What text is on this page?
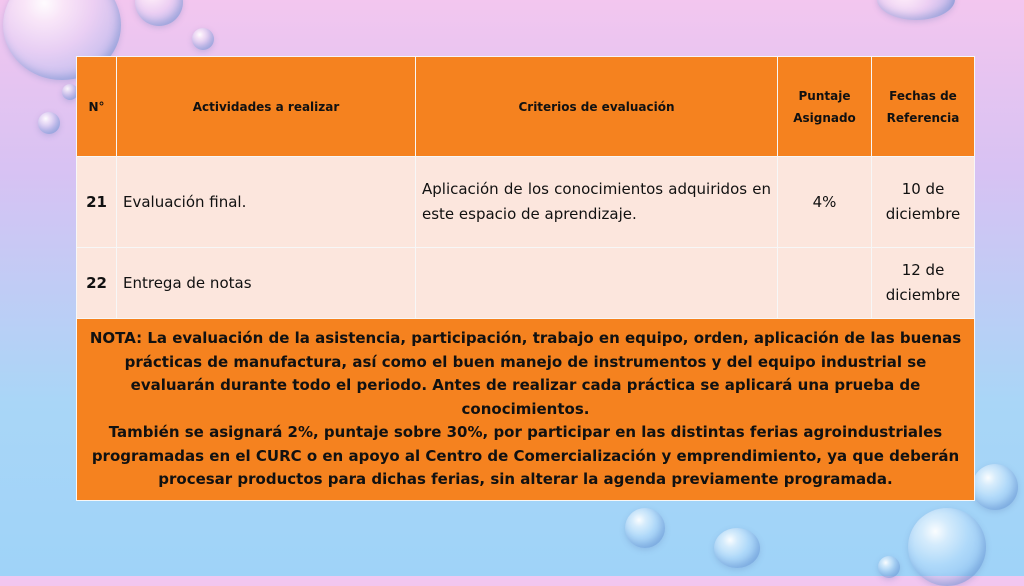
N°	Actividades a realizar	Criterios de evaluación	Puntaje Asignado	Fechas de Referencia
21	Evaluación final.	Aplicación de los conocimientos adquiridos en este espacio de aprendizaje.	4%	10 de diciembre
22	Entrega de notas			12 de diciembre

NOTA: La evaluación de la asistencia, participación, trabajo en equipo, orden, aplicación de las buenas prácticas de manufactura, así como el buen manejo de instrumentos y del equipo industrial se evaluarán durante todo el periodo. Antes de realizar cada práctica se aplicará una prueba de conocimientos.
También se asignará 2%, puntaje sobre 30%, por participar en las distintas ferias agroindustriales programadas en el CURC o en apoyo al Centro de Comercialización y emprendimiento, ya que deberán procesar productos para dichas ferias, sin alterar la agenda previamente programada.				
